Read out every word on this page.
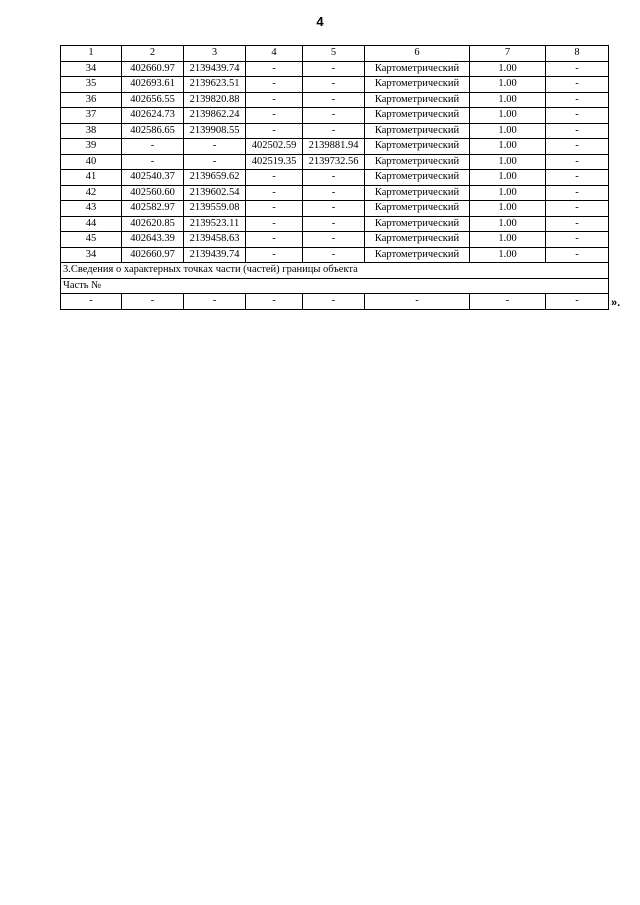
4
1	2	3	4	5	6	7	8
34	402660.97	2139439.74	-	-	Картометрический	1.00	-
35	402693.61	2139623.51	-	-	Картометрический	1.00	-
36	402656.55	2139820.88	-	-	Картометрический	1.00	-
37	402624.73	2139862.24	-	-	Картометрический	1.00	-
38	402586.65	2139908.55	-	-	Картометрический	1.00	-
39	-	-	402502.59	2139881.94	Картометрический	1.00	-
40	-	-	402519.35	2139732.56	Картометрический	1.00	-
41	402540.37	2139659.62	-	-	Картометрический	1.00	-
42	402560.60	2139602.54	-	-	Картометрический	1.00	-
43	402582.97	2139559.08	-	-	Картометрический	1.00	-
44	402620.85	2139523.11	-	-	Картометрический	1.00	-
45	402643.39	2139458.63	-	-	Картометрический	1.00	-
34	402660.97	2139439.74	-	-	Картометрический	1.00	-
3.Сведения о характерных точках части (частей) границы объекта							
Часть №							
-	-	-	-	-	-	-	-	».
